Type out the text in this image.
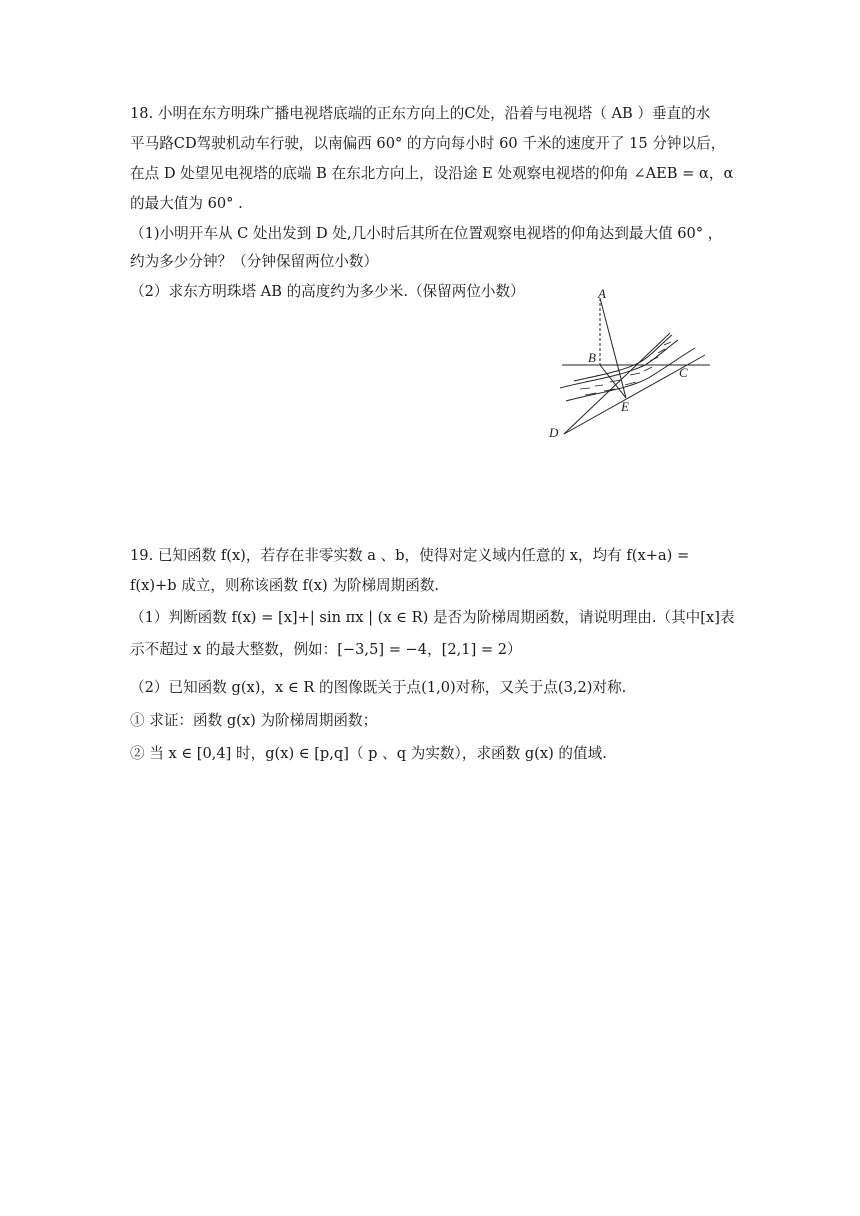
18. 小明在东方明珠广播电视塔底端的正东方向上的C处，沿着与电视塔（ AB ）垂直的水
平马路CD驾驶机动车行驶，以南偏西 60° 的方向每小时 60 千米的速度开了 15 分钟以后，
在点 D 处望见电视塔的底端 B 在东北方向上，设沿途 E 处观察电视塔的仰角 ∠AEB = α，α
的最大值为 60° .
（1)小明开车从 C 处出发到 D 处,几小时后其所在位置观察电视塔的仰角达到最大值 60° ，
约为多少分钟？（分钟保留两位小数）
（2）求东方明珠塔 AB 的高度约为多少米.（保留两位小数）	A
B
C
D
E
19. 已知函数 f(x)，若存在非零实数 a 、b，使得对定义域内任意的 x，均有 f(x+a) =
f(x)+b 成立，则称该函数 f(x) 为阶梯周期函数.
（1）判断函数 f(x) = [x]+| sin πx | (x ∈ R) 是否为阶梯周期函数，请说明理由.（其中[x]表
示不超过 x 的最大整数，例如：[−3,5] = −4，[2,1] = 2）
（2）已知函数 g(x)，x ∈ R 的图像既关于点(1,0)对称，又关于点(3,2)对称.
① 求证：函数 g(x) 为阶梯周期函数；
② 当 x ∈ [0,4] 时，g(x) ∈ [p,q]（ p 、q 为实数），求函数 g(x) 的值域.
